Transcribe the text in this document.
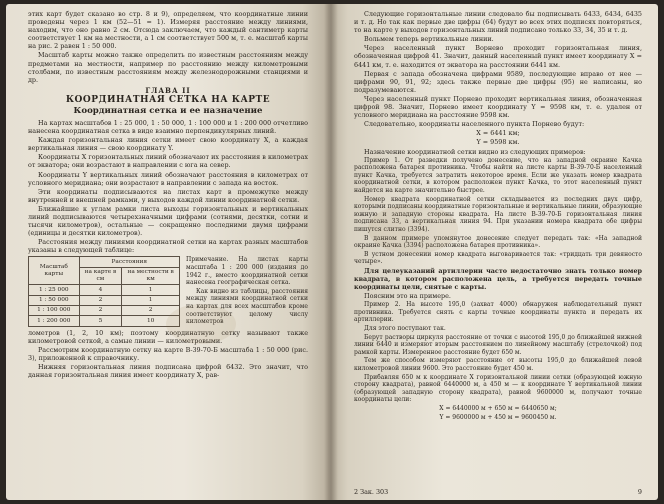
этих карт будет сказано во стр. 8 и 9), определяем, что координатные линии проведены через 1 км (52—51 = 1). Измеряя расстояние между линиями, находим, что оно равно 2 см. Отсюда заключаем, что каждый сантиметр карты соответствует 1 км на местности, а 1 см соответствует 500 м, т. е. масштаб карты на рис. 2 равен 1 : 50 000.

Масштаб карты можно также определить по известным расстояниям между предметами на местности, например по расстоянию между километровыми столбами, по известным расстояниям между железнодорожными станциями и др.

ГЛАВА II
КООРДИНАТНАЯ СЕТКА НА КАРТЕ
Координатная сетка и ее назначение

На картах масштабов 1 : 25 000, 1 : 50 000, 1 : 100 000 и 1 : 200 000 отчетливо нанесена координатная сетка в виде взаимно перпендикулярных линий.

Каждая горизонтальная линия сетки имеет свою координату X, а каждая вертикальная линия — свою координату Y.

Координаты X горизонтальных линий обозначают их расстояния в километрах от экватора; они возрастают в направлении с юга на север.

Координаты Y вертикальных линий обозначают расстояния в километрах от условного меридиана; они возрастают в направлении с запада на восток.

Эти координаты подписываются на листах карт в промежутке между внутренней и внешней рамками, у выходов каждой линии координатной сетки.

Ближайшие к углам рамки листа выходы горизонтальных и вертикальных линий подписываются четырехзначными цифрами (сотнями, десятки, сотни и тысячи километров), остальные — сокращенно последними двумя цифрами (единицы и десятки километров).

Расстояния между линиями координатной сетки на картах разных масштабов указаны в следующей таблице:

Масштаб карты	Расстояния	
	на карте в см	на местности в км
1 : 25 000	4	1
1 : 50 000	2	1
1 : 100 000	2	2
1 : 200 000	5	10

Примечание. На листах карты масштаба 1 : 200 000 (издания до 1942 г., вместо координатной сетки нанесена географическая сетка.

Как видно из таблицы, расстояния между линиями координатной сетки на картах для всех масштабов кроме соответствуют целому числу километров

лометров (1, 2, 10 км); поэтому координатную сетку называют также километровой сеткой, а самые линии — километровыми.

Рассмотрим координатную сетку на карте В-39-70-Б масштаба 1 : 50 000 (рис. 3), приложенной к справочнику.

Нижняя горизонтальная линия подписана цифрой 6432. Это значит, что данная горизонтальная линия имеет координату X, рав-

Следующие горизонтальные линии следовало бы подписывать 6433, 6434, 6435 и т. д. Но так как первые две цифры (64) будут во всех этих подписях повторяться, то на карте у выходов горизонтальных линий подписано только 33, 34, 35 и т. д.

Вольмем теперь вертикальные линии.

Через населенный пункт Ворнево проходит горизонтальная линия, обозначенная цифрой 41. Значит, данный населенный пункт имеет координату X = 6441 км, т. е. находится от экватора на расстоянии 6441 км.

Первая с запада обозначена цифрами 9589, последующие вправо от нее — цифрами 90, 91, 92; здесь также первые две цифры (95) не написаны, но подразумеваются.

Через населенный пункт Порнево проходит вертикальная линия, обозначенная цифрой 98. Значит, Порнево имеет координату Y = 9598 км, т. е. удален от условного меридиана на расстояние 9598 км.

Следовательно, координаты населенного пункта Порнево будут:

X = 6441 км;

Y = 9598 км.

Назначение координатной сетки видно из следующих примеров:

Пример 1. От разведки получено донесение, что на западной окраине Качка расположена батарея противника. Чтобы найти на листе карты В-39-70-Б населенный пункт Качка, требуется затратить некоторое время. Если же указать номер квадрата координатной сетки, в котором расположен пункт Качка, то этот населенный пункт найдется на карте значительно быстрее.

Номер квадрата координатной сетки складывается из последних двух цифр, которыми подписаны координатные горизонтальные и вертикальные линии, образующие южную и западную стороны квадрата. На листе В-39-70-Б горизонтальная линия подписана 33, а вертикальная линия 94. При указании номера квадрата обе цифры пишутся слитно (3394).

В данном примере упомянутое донесение следует передать так: «На западной окраине Качка (3394) расположена батарея противника».

В устном донесении номер квадрата выговаривается так: «тридцать три девяносто четыре».

Для целеуказаний артиллерии часто недостаточно знать только номер квадрата, в котором расположена цель, а требуется передать точные координаты цели, снятые с карты.

Поясним это на примере.

Пример 2. На высоте 195,0 (захват 4000) обнаружен наблюдательный пункт противника. Требуется снять с карты точные координаты пункта и передать их артиллерии.

Для этого поступают так.

Берут растворы циркуля расстояние от точки с высотой 195,0 до ближайшей нижней линии 6440 и измеряют вторым расстоянием по линейному масштабу (стрелочкой) под рамкой карты. Измеренное расстояние будет 650 м.

Тем же способом измеряют расстояние от высоты 195,0 до ближайшей левой километровой линии 9600. Это расстояние будет 450 м.

Прибавляя 650 м к координате X горизонтальной линии сетки (образующей южную сторону квадрата), равной 6440000 м, а 450 м — к координате Y вертикальной линии (образующей западную сторону квадрата), равной 9600000 м, получают точные координаты цели:

X = 6440000 м + 650 м = 6440650 м;

Y = 9600000 м + 450 м = 9600450 м.

2 Зак. 303	9
